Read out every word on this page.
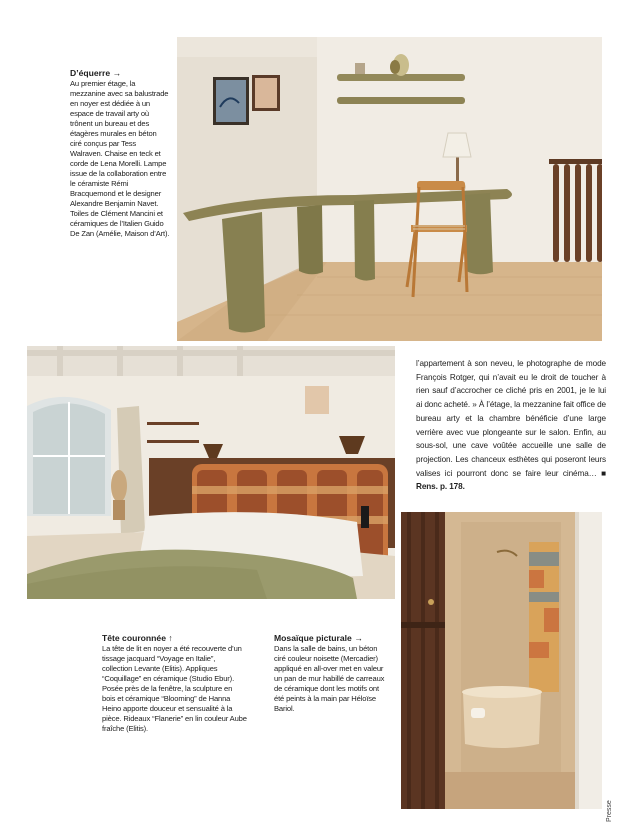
D’équerre →
Au premier étage, la mezzanine avec sa balustrade en noyer est dédiée à un espace de travail arty où trônent un bureau et des étagères murales en béton ciré conçus par Tess Walraven. Chaise en teck et corde de Lena Morelli. Lampe issue de la collaboration entre le céramiste Rémi Bracquemond et le designer Alexandre Benjamin Navet. Toiles de Clément Mancini et céramiques de l’Italien Guido De Zan (Amélie, Maison d’Art).
l’appartement à son neveu, le photographe de mode François Rotger, qui n’avait eu le droit de toucher à rien sauf d’accrocher ce cliché pris en 2001, je le lui ai donc acheté. » À l’étage, la mezzanine fait office de bureau arty et la chambre bénéficie d’une large verrière avec vue plongeante sur le salon. Enfin, au sous-sol, une cave voûtée accueille une salle de projection. Les chanceux esthètes qui poseront leurs valises ici pourront donc se faire leur cinéma… ■ Rens. p. 178.
Tête couronnée ↑
La tête de lit en noyer a été recouverte d’un tissage jacquard “Voyage en Italie”, collection Levante (Elitis). Appliques “Coquillage” en céramique (Studio Ebur). Posée près de la fenêtre, la sculpture en bois et céramique “Blooming” de Hanna Heino apporte douceur et sensualité à la pièce. Rideaux “Flanerie” en lin couleur Aube fraîche (Elitis).
Mosaïque picturale →
Dans la salle de bains, un béton ciré couleur noisette (Mercadier) appliqué en all-over met en valeur un pan de mur habillé de carreaux de céramique dont les motifs ont été peints à la main par Héloïse Bariol.
Presse
